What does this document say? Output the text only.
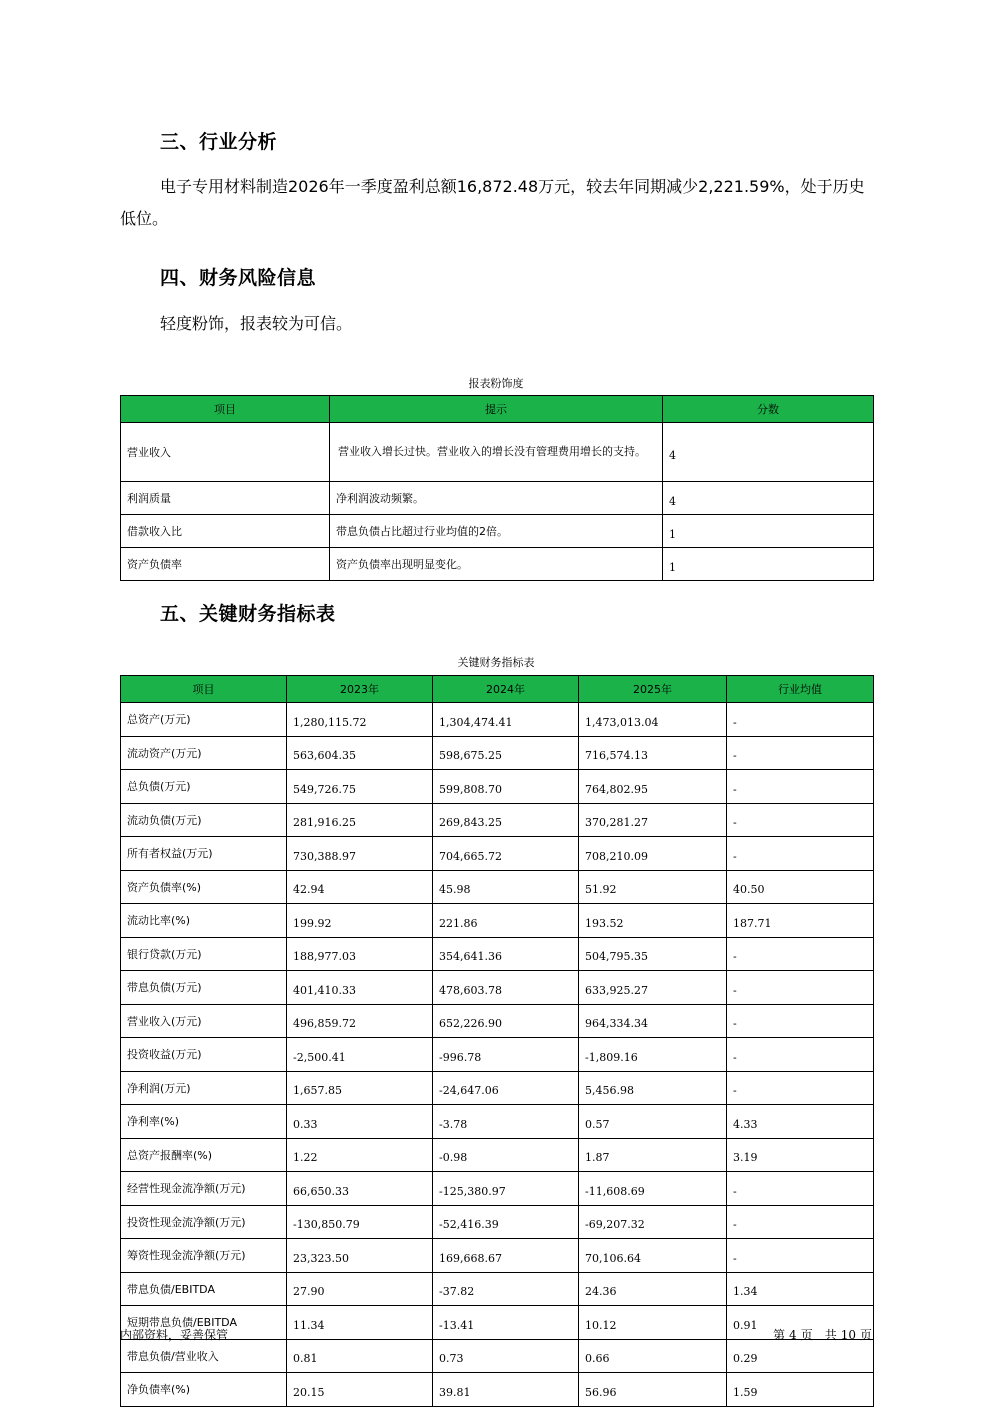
三、行业分析

电子专用材料制造2026年一季度盈利总额16,872.48万元，较去年同期减少2,221.59%，处于历史低位。

四、财务风险信息

轻度粉饰，报表较为可信。

报表粉饰度
项目	提示	分数
营业收入	营业收入增长过快。营业收入的增长没有管理费用增长的支持。	4
利润质量	净利润波动频繁。	4
借款收入比	带息负债占比超过行业均值的2倍。	1
资产负债率	资产负债率出现明显变化。	1
五、关键财务指标表
关键财务指标表
项目	2023年	2024年	2025年	行业均值
总资产(万元)	1,280,115.72	1,304,474.41	1,473,013.04	-
流动资产(万元)	563,604.35	598,675.25	716,574.13	-
总负债(万元)	549,726.75	599,808.70	764,802.95	-
流动负债(万元)	281,916.25	269,843.25	370,281.27	-
所有者权益(万元)	730,388.97	704,665.72	708,210.09	-
资产负债率(%)	42.94	45.98	51.92	40.50
流动比率(%)	199.92	221.86	193.52	187.71
银行贷款(万元)	188,977.03	354,641.36	504,795.35	-
带息负债(万元)	401,410.33	478,603.78	633,925.27	-
营业收入(万元)	496,859.72	652,226.90	964,334.34	-
投资收益(万元)	-2,500.41	-996.78	-1,809.16	-
净利润(万元)	1,657.85	-24,647.06	5,456.98	-
净利率(%)	0.33	-3.78	0.57	4.33
总资产报酬率(%)	1.22	-0.98	1.87	3.19
经营性现金流净额(万元)	66,650.33	-125,380.97	-11,608.69	-
投资性现金流净额(万元)	-130,850.79	-52,416.39	-69,207.32	-
筹资性现金流净额(万元)	23,323.50	169,668.67	70,106.64	-
带息负债/EBITDA	27.90	-37.82	24.36	1.34
短期带息负债/EBITDA	11.34	-13.41	10.12	0.91
带息负债/营业收入	0.81	0.73	0.66	0.29
净负债率(%)	20.15	39.81	56.96	1.59
内部资料，妥善保管	第 4 页　共 10 页
